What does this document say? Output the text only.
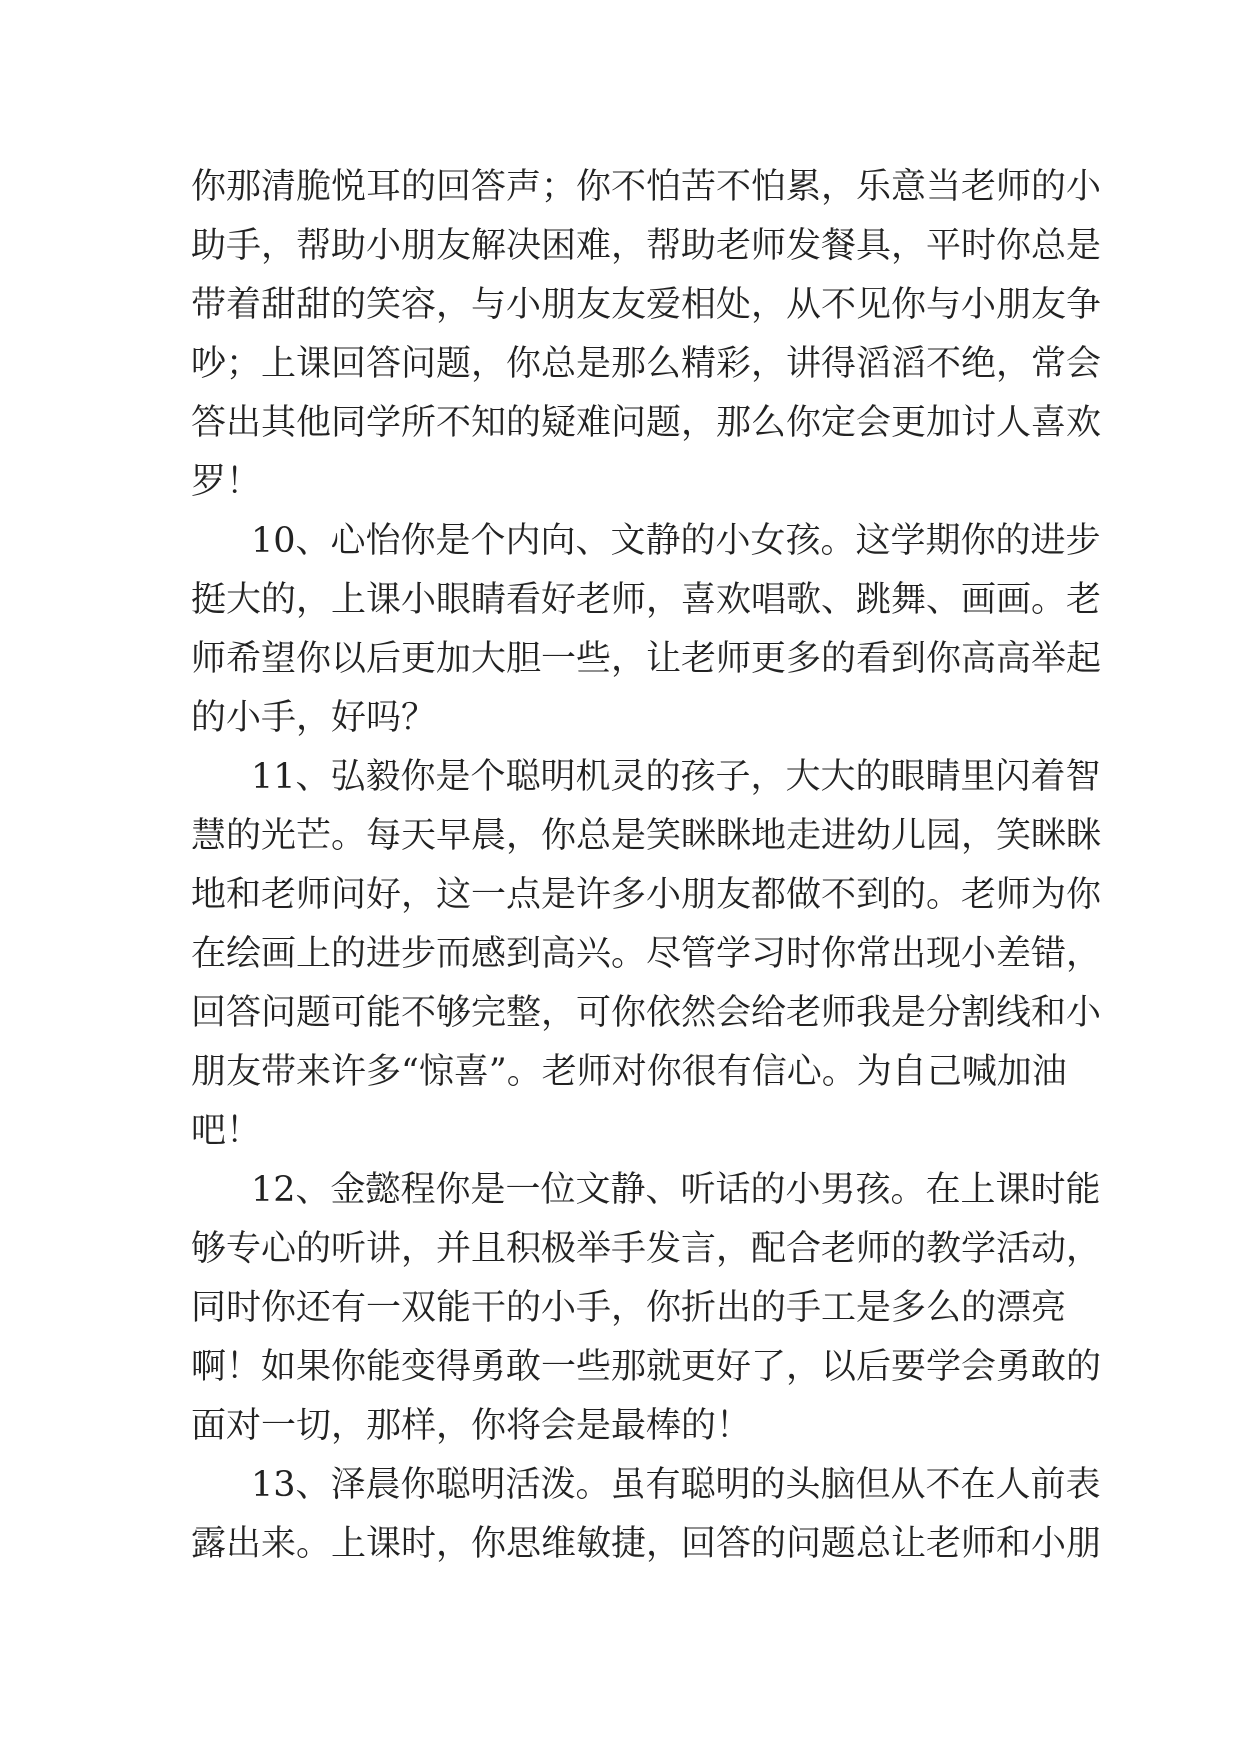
你那清脆悦耳的回答声；你不怕苦不怕累，乐意当老师的小
助手，帮助小朋友解决困难，帮助老师发餐具，平时你总是
带着甜甜的笑容，与小朋友友爱相处，从不见你与小朋友争
吵；上课回答问题，你总是那么精彩，讲得滔滔不绝，常会
答出其他同学所不知的疑难问题，那么你定会更加讨人喜欢
罗！
10、心怡你是个内向、文静的小女孩。这学期你的进步
挺大的，上课小眼睛看好老师，喜欢唱歌、跳舞、画画。老
师希望你以后更加大胆一些，让老师更多的看到你高高举起
的小手，好吗？
11、弘毅你是个聪明机灵的孩子，大大的眼睛里闪着智
慧的光芒。每天早晨，你总是笑眯眯地走进幼儿园，笑眯眯
地和老师问好，这一点是许多小朋友都做不到的。老师为你
在绘画上的进步而感到高兴。尽管学习时你常出现小差错，
回答问题可能不够完整，可你依然会给老师我是分割线和小
朋友带来许多“惊喜”。老师对你很有信心。为自己喊加油
吧！
12、金懿程你是一位文静、听话的小男孩。在上课时能
够专心的听讲，并且积极举手发言，配合老师的教学活动，
同时你还有一双能干的小手，你折出的手工是多么的漂亮
啊！如果你能变得勇敢一些那就更好了，以后要学会勇敢的
面对一切，那样，你将会是最棒的！
13、泽晨你聪明活泼。虽有聪明的头脑但从不在人前表
露出来。上课时，你思维敏捷，回答的问题总让老师和小朋
